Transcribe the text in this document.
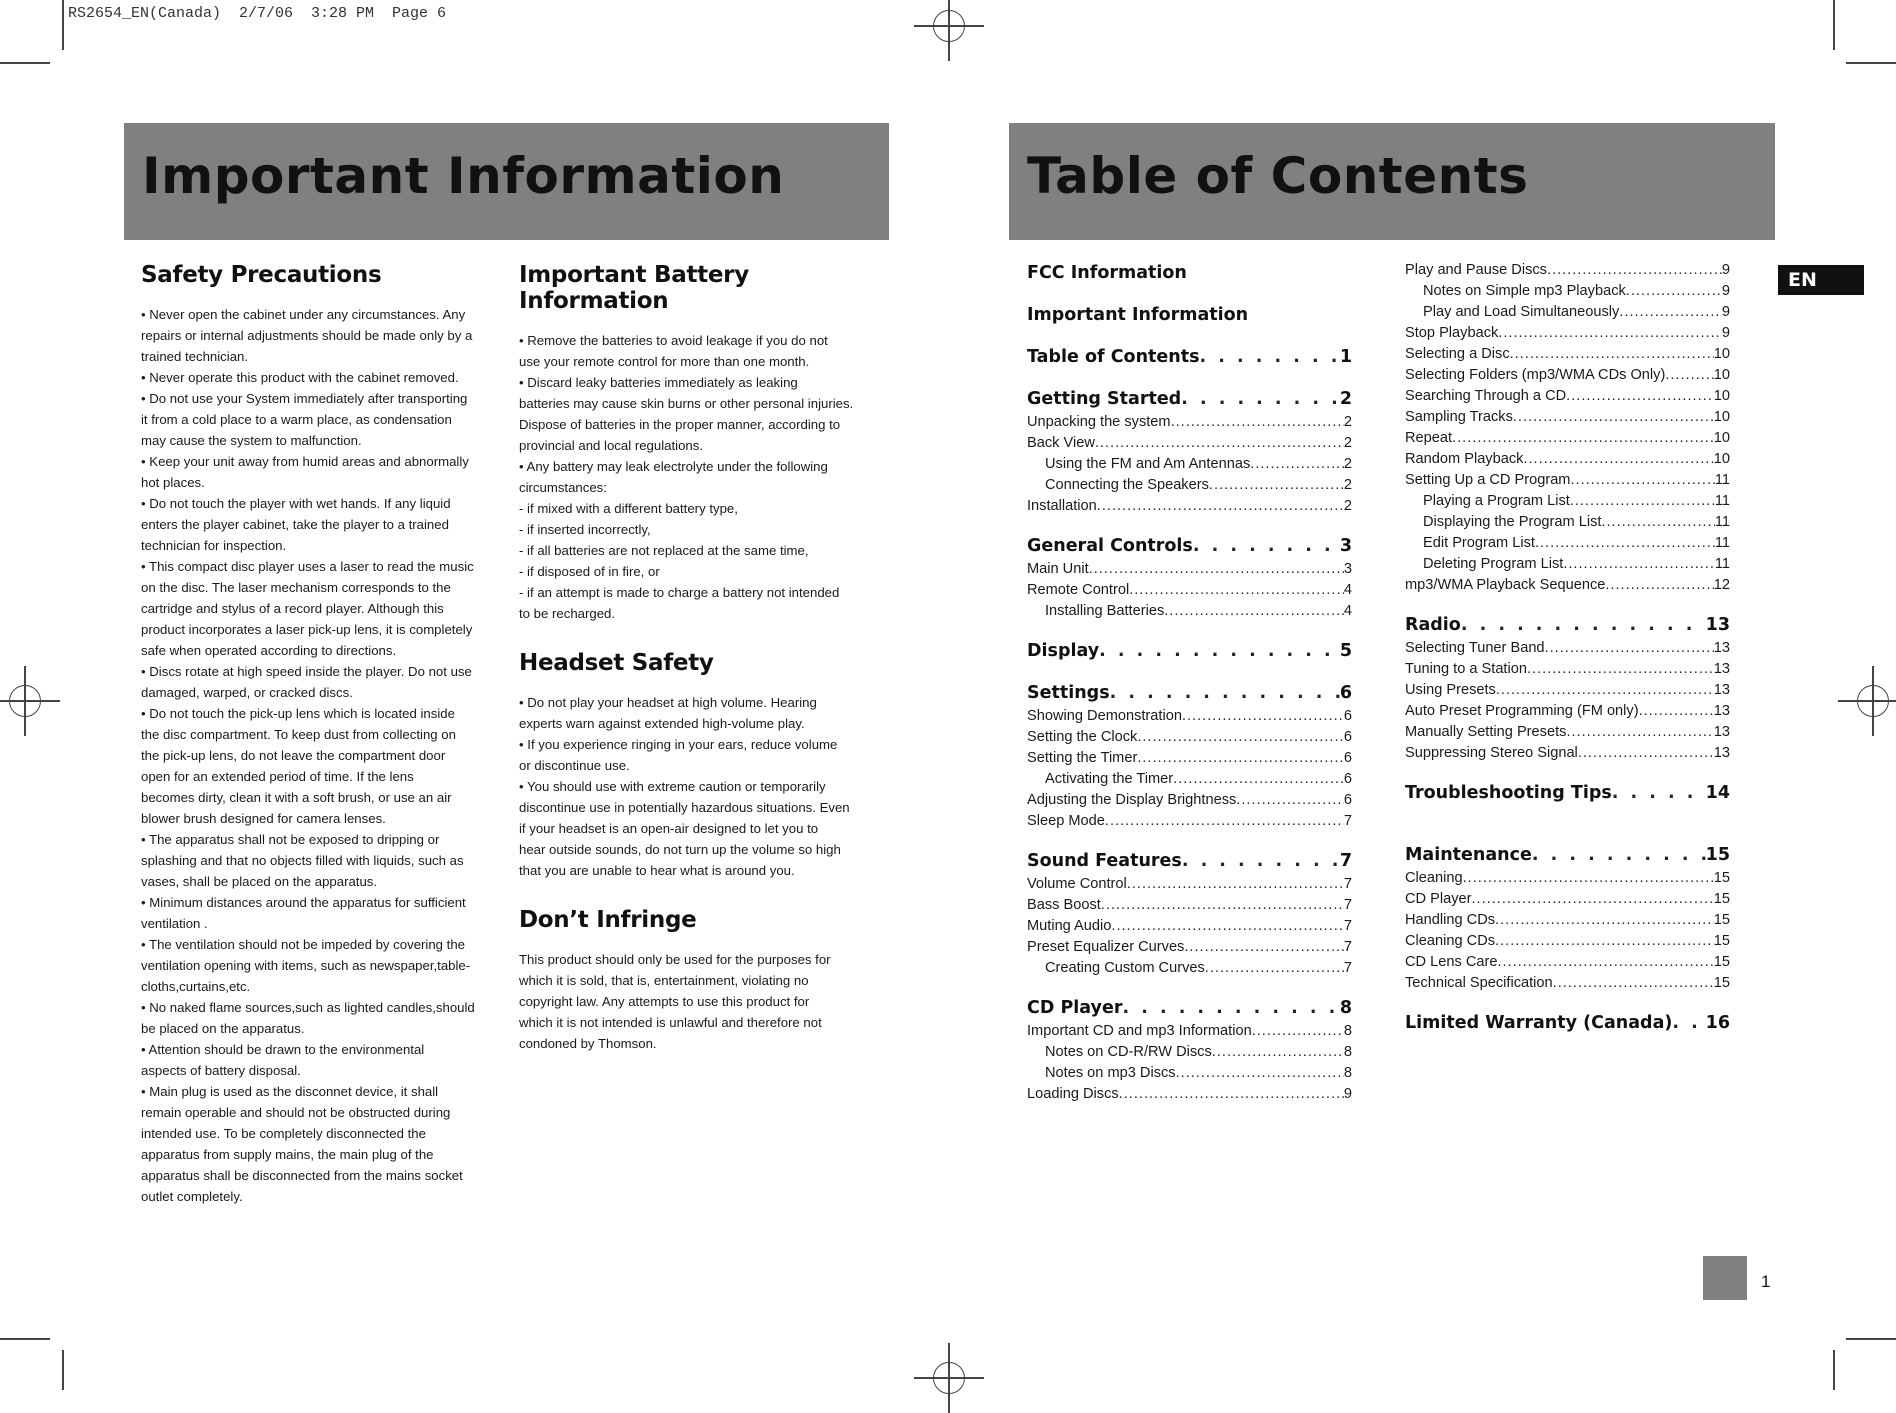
RS2654_EN(Canada)  2/7/06  3:28 PM  Page 6
Important Information
Safety Precautions

• Never open the cabinet under any circumstances. Any

repairs or internal adjustments should be made only by a

trained technician.

• Never operate this product with the cabinet removed.

• Do not use your System immediately after transporting

it from a cold place to a warm place, as condensation

may cause the system to malfunction.

• Keep your unit away from humid areas and abnormally

hot places.

• Do not touch the player with wet hands. If any liquid

enters the player cabinet, take the player to a trained

technician for inspection.

• This compact disc player uses a laser to read the music

on the disc. The laser mechanism corresponds to the

cartridge and stylus of a record player. Although this

product incorporates a laser pick-up lens, it is completely

safe when operated according to directions.

• Discs rotate at high speed inside the player. Do not use

damaged, warped, or cracked discs.

• Do not touch the pick-up lens which is located inside

the disc compartment. To keep dust from collecting on

the pick-up lens, do not leave the compartment door

open for an extended period of time. If the lens

becomes dirty, clean it with a soft brush, or use an air

blower brush designed for camera lenses.

• The apparatus shall not be exposed to dripping or

splashing and that no objects filled with liquids, such as

vases, shall be placed on the apparatus.

• Minimum distances around the apparatus for sufficient

ventilation .

• The ventilation should not be impeded by covering the

ventilation opening with items, such as newspaper,table-

cloths,curtains,etc.

• No naked flame sources,such as lighted candles,should

be placed on the apparatus.

• Attention should be drawn to the environmental

aspects of battery disposal.

• Main plug is used as the disconnet device, it shall

remain operable and should not be obstructed during

intended use. To be completely disconnected the

apparatus from supply mains, the main plug of the

apparatus shall be disconnected from the mains socket

outlet completely.

Important Battery Information

• Remove the batteries to avoid leakage if you do not

use your remote control for more than one month.

• Discard leaky batteries immediately as leaking

batteries may cause skin burns or other personal injuries.

Dispose of batteries in the proper manner, according to

provincial and local regulations.

• Any battery may leak electrolyte under the following

circumstances:

- if mixed with a different battery type,

- if inserted incorrectly,

- if all batteries are not replaced at the same time,

- if disposed of in fire, or

- if an attempt is made to charge a battery not intended

to be recharged.

Headset Safety

• Do not play your headset at high volume. Hearing

experts warn against extended high-volume play.

• If you experience ringing in your ears, reduce volume

or discontinue use.

• You should use with extreme caution or temporarily

discontinue use in potentially hazardous situations. Even

if your headset is an open-air designed to let you to

hear outside sounds, do not turn up the volume so high

that you are unable to hear what is around you.

Don’t Infringe

This product should only be used for the purposes for

which it is sold, that is, entertainment, violating no

copyright law. Any attempts to use this product for

which it is not intended is unlawful and therefore not

condoned by Thomson.

Table of Contents
FCC Information
Important Information
Table of Contents . . .	1
Getting Started . . .	2
Unpacking the system .....	2
Back View .....	2
Using the FM and Am Antennas .....	2
Connecting the Speakers .....	2
Installation .....	2
General Controls . . .	3
Main Unit .....	3
Remote Control .....	4
Installing Batteries .....	4
Display . . .	5
Settings . . .	6
Showing Demonstration .....	6
Setting the Clock .....	6
Setting the Timer .....	6
Activating the Timer .....	6
Adjusting the Display Brightness .....	6
Sleep Mode .....	7
Sound Features . . .	7
Volume Control .....	7
Bass Boost .....	7
Muting Audio .....	7
Preset Equalizer Curves .....	7
Creating Custom Curves .....	7
CD Player . . .	8
Important CD and mp3 Information .....	8
Notes on CD-R/RW Discs .....	8
Notes on mp3 Discs .....	8
Loading Discs .....	9
Play and Pause Discs .....	9
Notes on Simple mp3 Playback .....	9
Play and Load Simultaneously .....	9
Stop Playback .....	9
Selecting a Disc .....	10
Selecting Folders (mp3/WMA CDs Only) .....	10
Searching Through a CD .....	10
Sampling Tracks .....	10
Repeat .....	10
Random Playback .....	10
Setting Up a CD Program .....	11
Playing a Program List .....	11
Displaying the Program List .....	11
Edit Program List .....	11
Deleting Program List .....	11
mp3/WMA Playback Sequence .....	12
Radio . . .	13
Selecting Tuner Band .....	13
Tuning to a Station .....	13
Using Presets .....	13
Auto Preset Programming (FM only) .....	13
Manually Setting Presets .....	13
Suppressing Stereo Signal .....	13
Troubleshooting Tips . . .	14
Maintenance . . .	15
Cleaning .....	15
CD Player .....	15
Handling CDs .....	15
Cleaning CDs .....	15
CD Lens Care .....	15
Technical Specification .....	15
Limited Warranty (Canada) . . . 16
EN
1
